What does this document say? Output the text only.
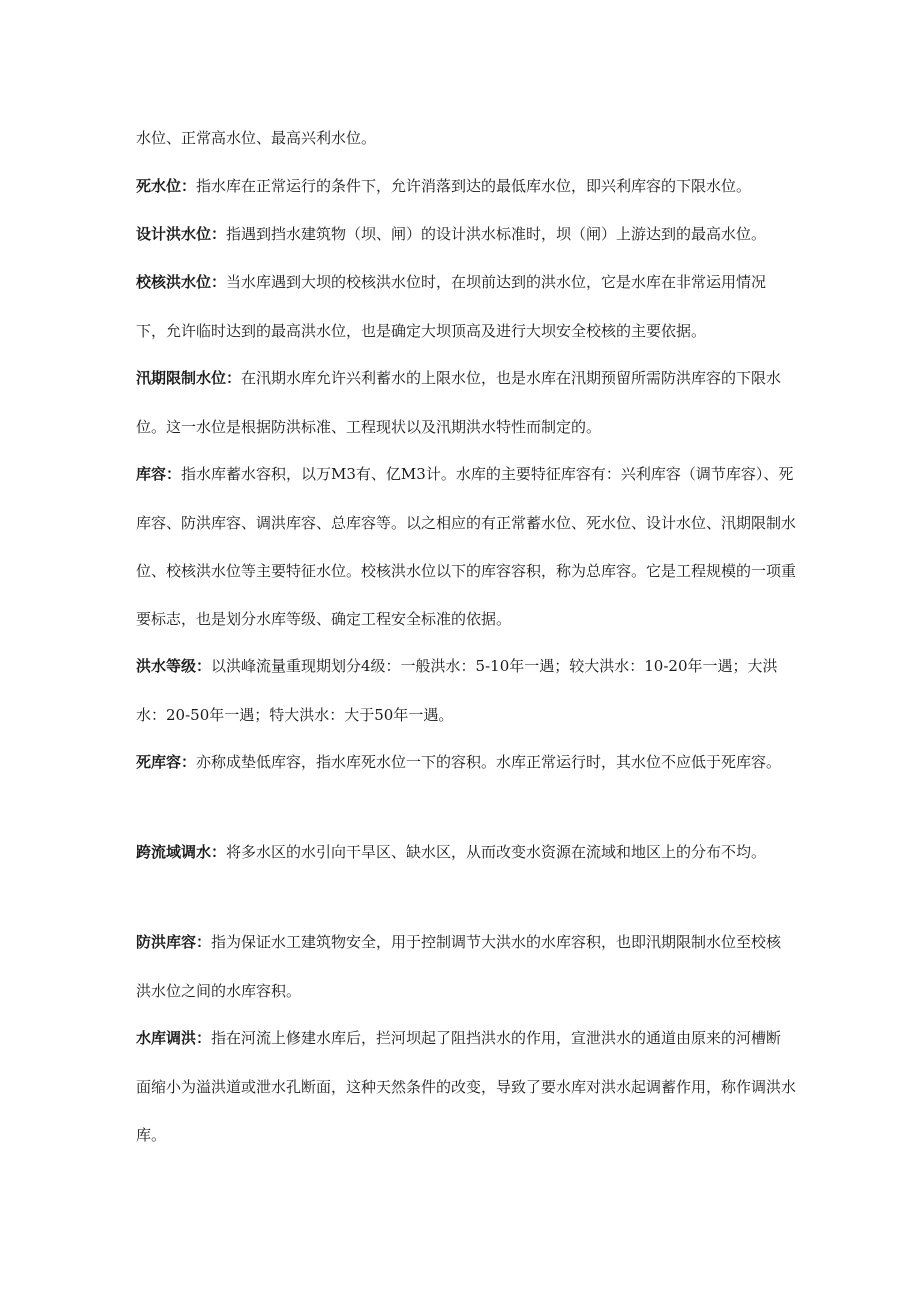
水位、正常高水位、最高兴利水位。

死水位：指水库在正常运行的条件下，允许消落到达的最低库水位，即兴利库容的下限水位。

设计洪水位：指遇到挡水建筑物（坝、闸）的设计洪水标准时，坝（闸）上游达到的最高水位。

校核洪水位：当水库遇到大坝的校核洪水位时，在坝前达到的洪水位，它是水库在非常运用情况下，允许临时达到的最高洪水位，也是确定大坝顶高及进行大坝安全校核的主要依据。

汛期限制水位：在汛期水库允许兴利蓄水的上限水位，也是水库在汛期预留所需防洪库容的下限水位。这一水位是根据防洪标准、工程现状以及汛期洪水特性而制定的。

库容：指水库蓄水容积，以万M3有、亿M3计。水库的主要特征库容有：兴利库容（调节库容）、死库容、防洪库容、调洪库容、总库容等。以之相应的有正常蓄水位、死水位、设计水位、汛期限制水位、校核洪水位等主要特征水位。校核洪水位以下的库容容积，称为总库容。它是工程规模的一项重要标志，也是划分水库等级、确定工程安全标准的依据。

洪水等级：以洪峰流量重现期划分4级：一般洪水：5-10年一遇；较大洪水：10-20年一遇；大洪水：20-50年一遇；特大洪水：大于50年一遇。

死库容：亦称成垫低库容，指水库死水位一下的容积。水库正常运行时，其水位不应低于死库容。

跨流域调水：将多水区的水引向干旱区、缺水区，从而改变水资源在流域和地区上的分布不均。

防洪库容：指为保证水工建筑物安全，用于控制调节大洪水的水库容积，也即汛期限制水位至校核洪水位之间的水库容积。

水库调洪：指在河流上修建水库后，拦河坝起了阻挡洪水的作用，宣泄洪水的通道由原来的河槽断面缩小为溢洪道或泄水孔断面，这种天然条件的改变，导致了要水库对洪水起调蓄作用，称作调洪水库。
